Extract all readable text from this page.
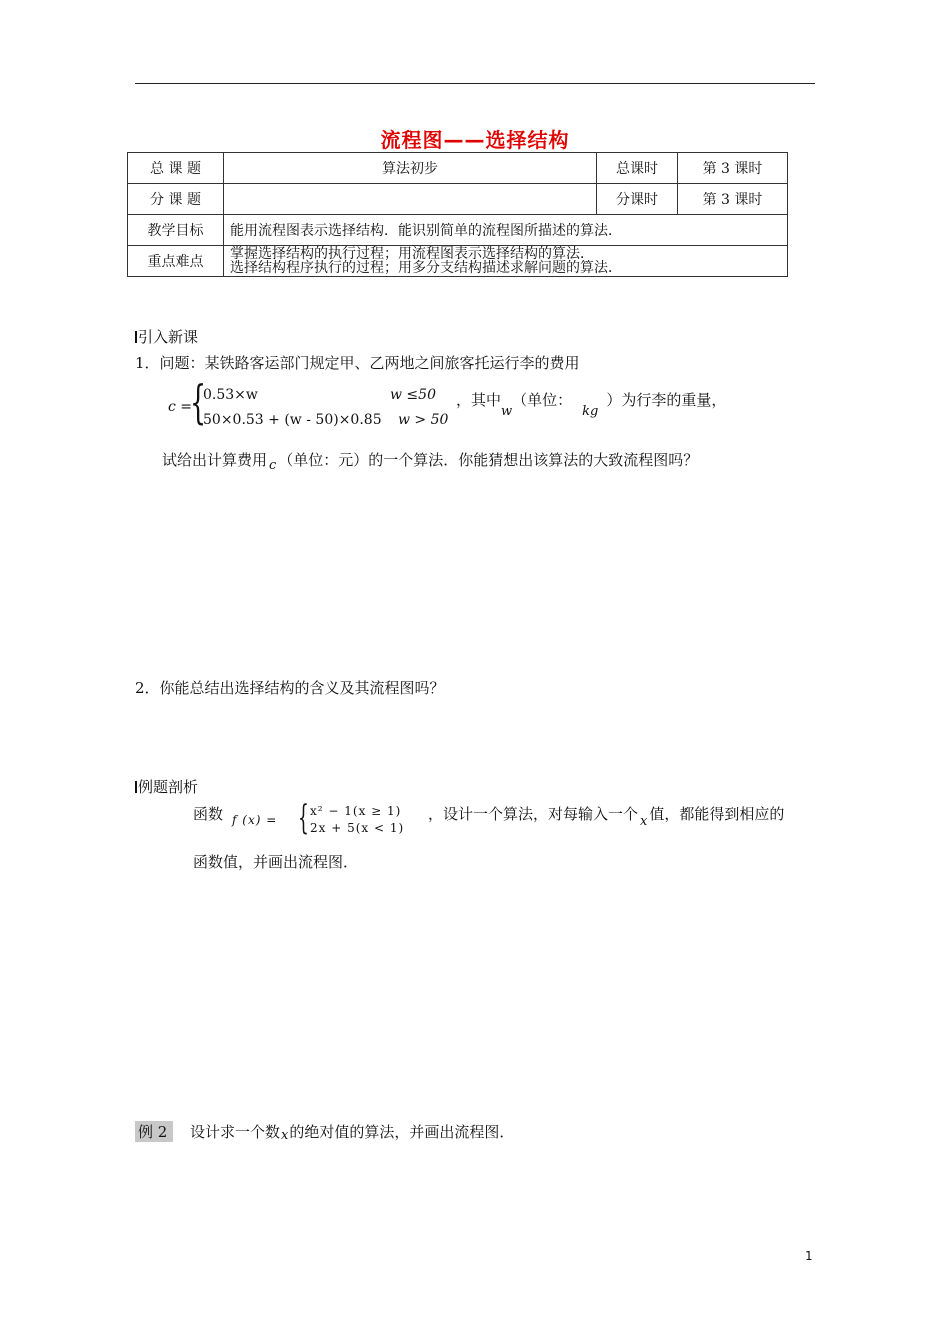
流程图——选择结构
总 课 题	算法初步	总课时	第 3 课时
分 课 题		分课时	第 3 课时
教学目标	能用流程图表示选择结构．能识别简单的流程图所描述的算法．		
重点难点	掌握选择结构的执行过程；用流程图表示选择结构的算法．
选择结构程序执行的过程；用多分支结构描述求解问题的算法．		
引入新课
1．问题：某铁路客运部门规定甲、乙两地之间旅客托运行李的费用
c =
{
0.53×w	w ≤50
50×0.53 + (w - 50)×0.85 w > 50
，其中w（单位：kg）为行李的重量，
试给出计算费用 c （单位：元）的一个算法．你能猜想出该算法的大致流程图吗？
2．你能总结出选择结构的含义及其流程图吗？
例题剖析
函数 f (x) = { x² − 1(x ≥ 1)
2x + 5(x < 1)
，设计一个算法，对每输入一个 x 值，都能得到相应的
函数值，并画出流程图．
例 2	设计求一个数x的绝对值的算法，并画出流程图．
1
